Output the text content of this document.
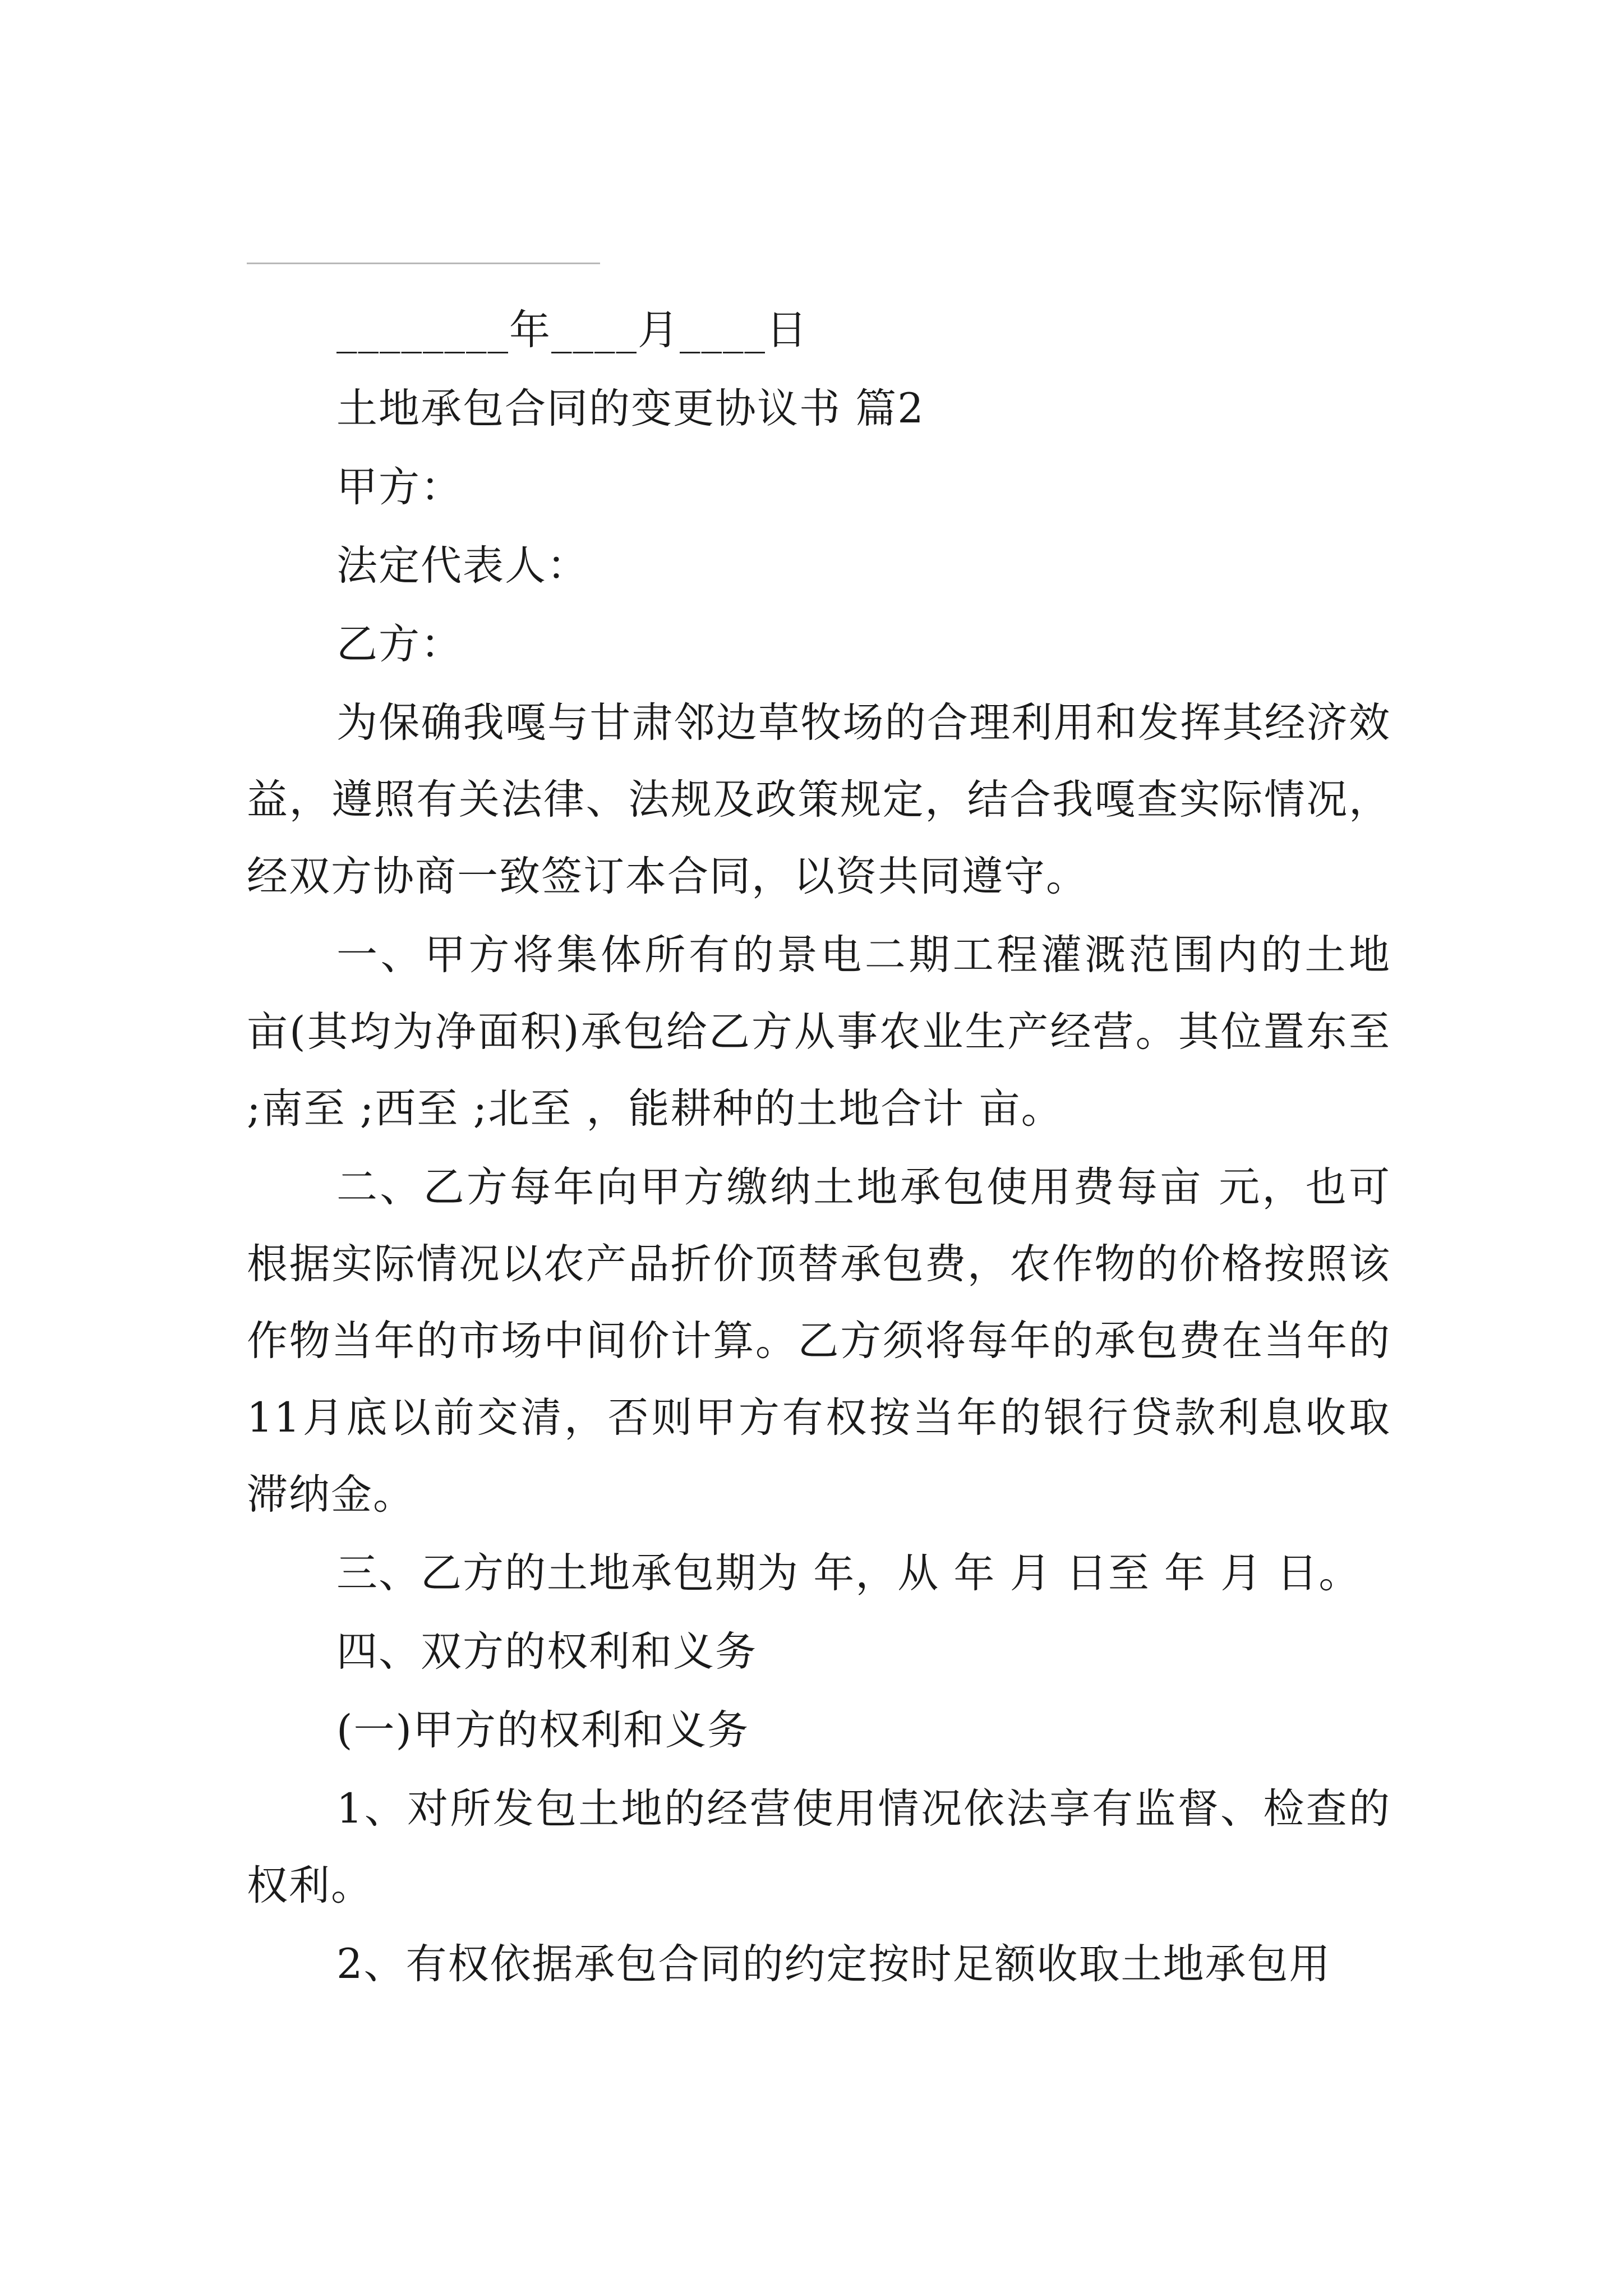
________年____月____日

土地承包合同的变更协议书 篇2

甲方：

法定代表人：

乙方：

为保确我嘎与甘肃邻边草牧场的合理利用和发挥其经济效益，遵照有关法律、法规及政策规定，结合我嘎查实际情况，经双方协商一致签订本合同，以资共同遵守。

一、甲方将集体所有的景电二期工程灌溉范围内的土地 亩(其均为净面积)承包给乙方从事农业生产经营。其位置东至 ;南至 ;西至 ;北至 ，能耕种的土地合计 亩。

二、乙方每年向甲方缴纳土地承包使用费每亩 元，也可根据实际情况以农产品折价顶替承包费，农作物的价格按照该作物当年的市场中间价计算。乙方须将每年的承包费在当年的11月底以前交清，否则甲方有权按当年的银行贷款利息收取滞纳金。

三、乙方的土地承包期为 年，从 年 月 日至 年 月 日。

四、双方的权利和义务

(一)甲方的权利和义务

1、对所发包土地的经营使用情况依法享有监督、检查的权利。

2、有权依据承包合同的约定按时足额收取土地承包用
